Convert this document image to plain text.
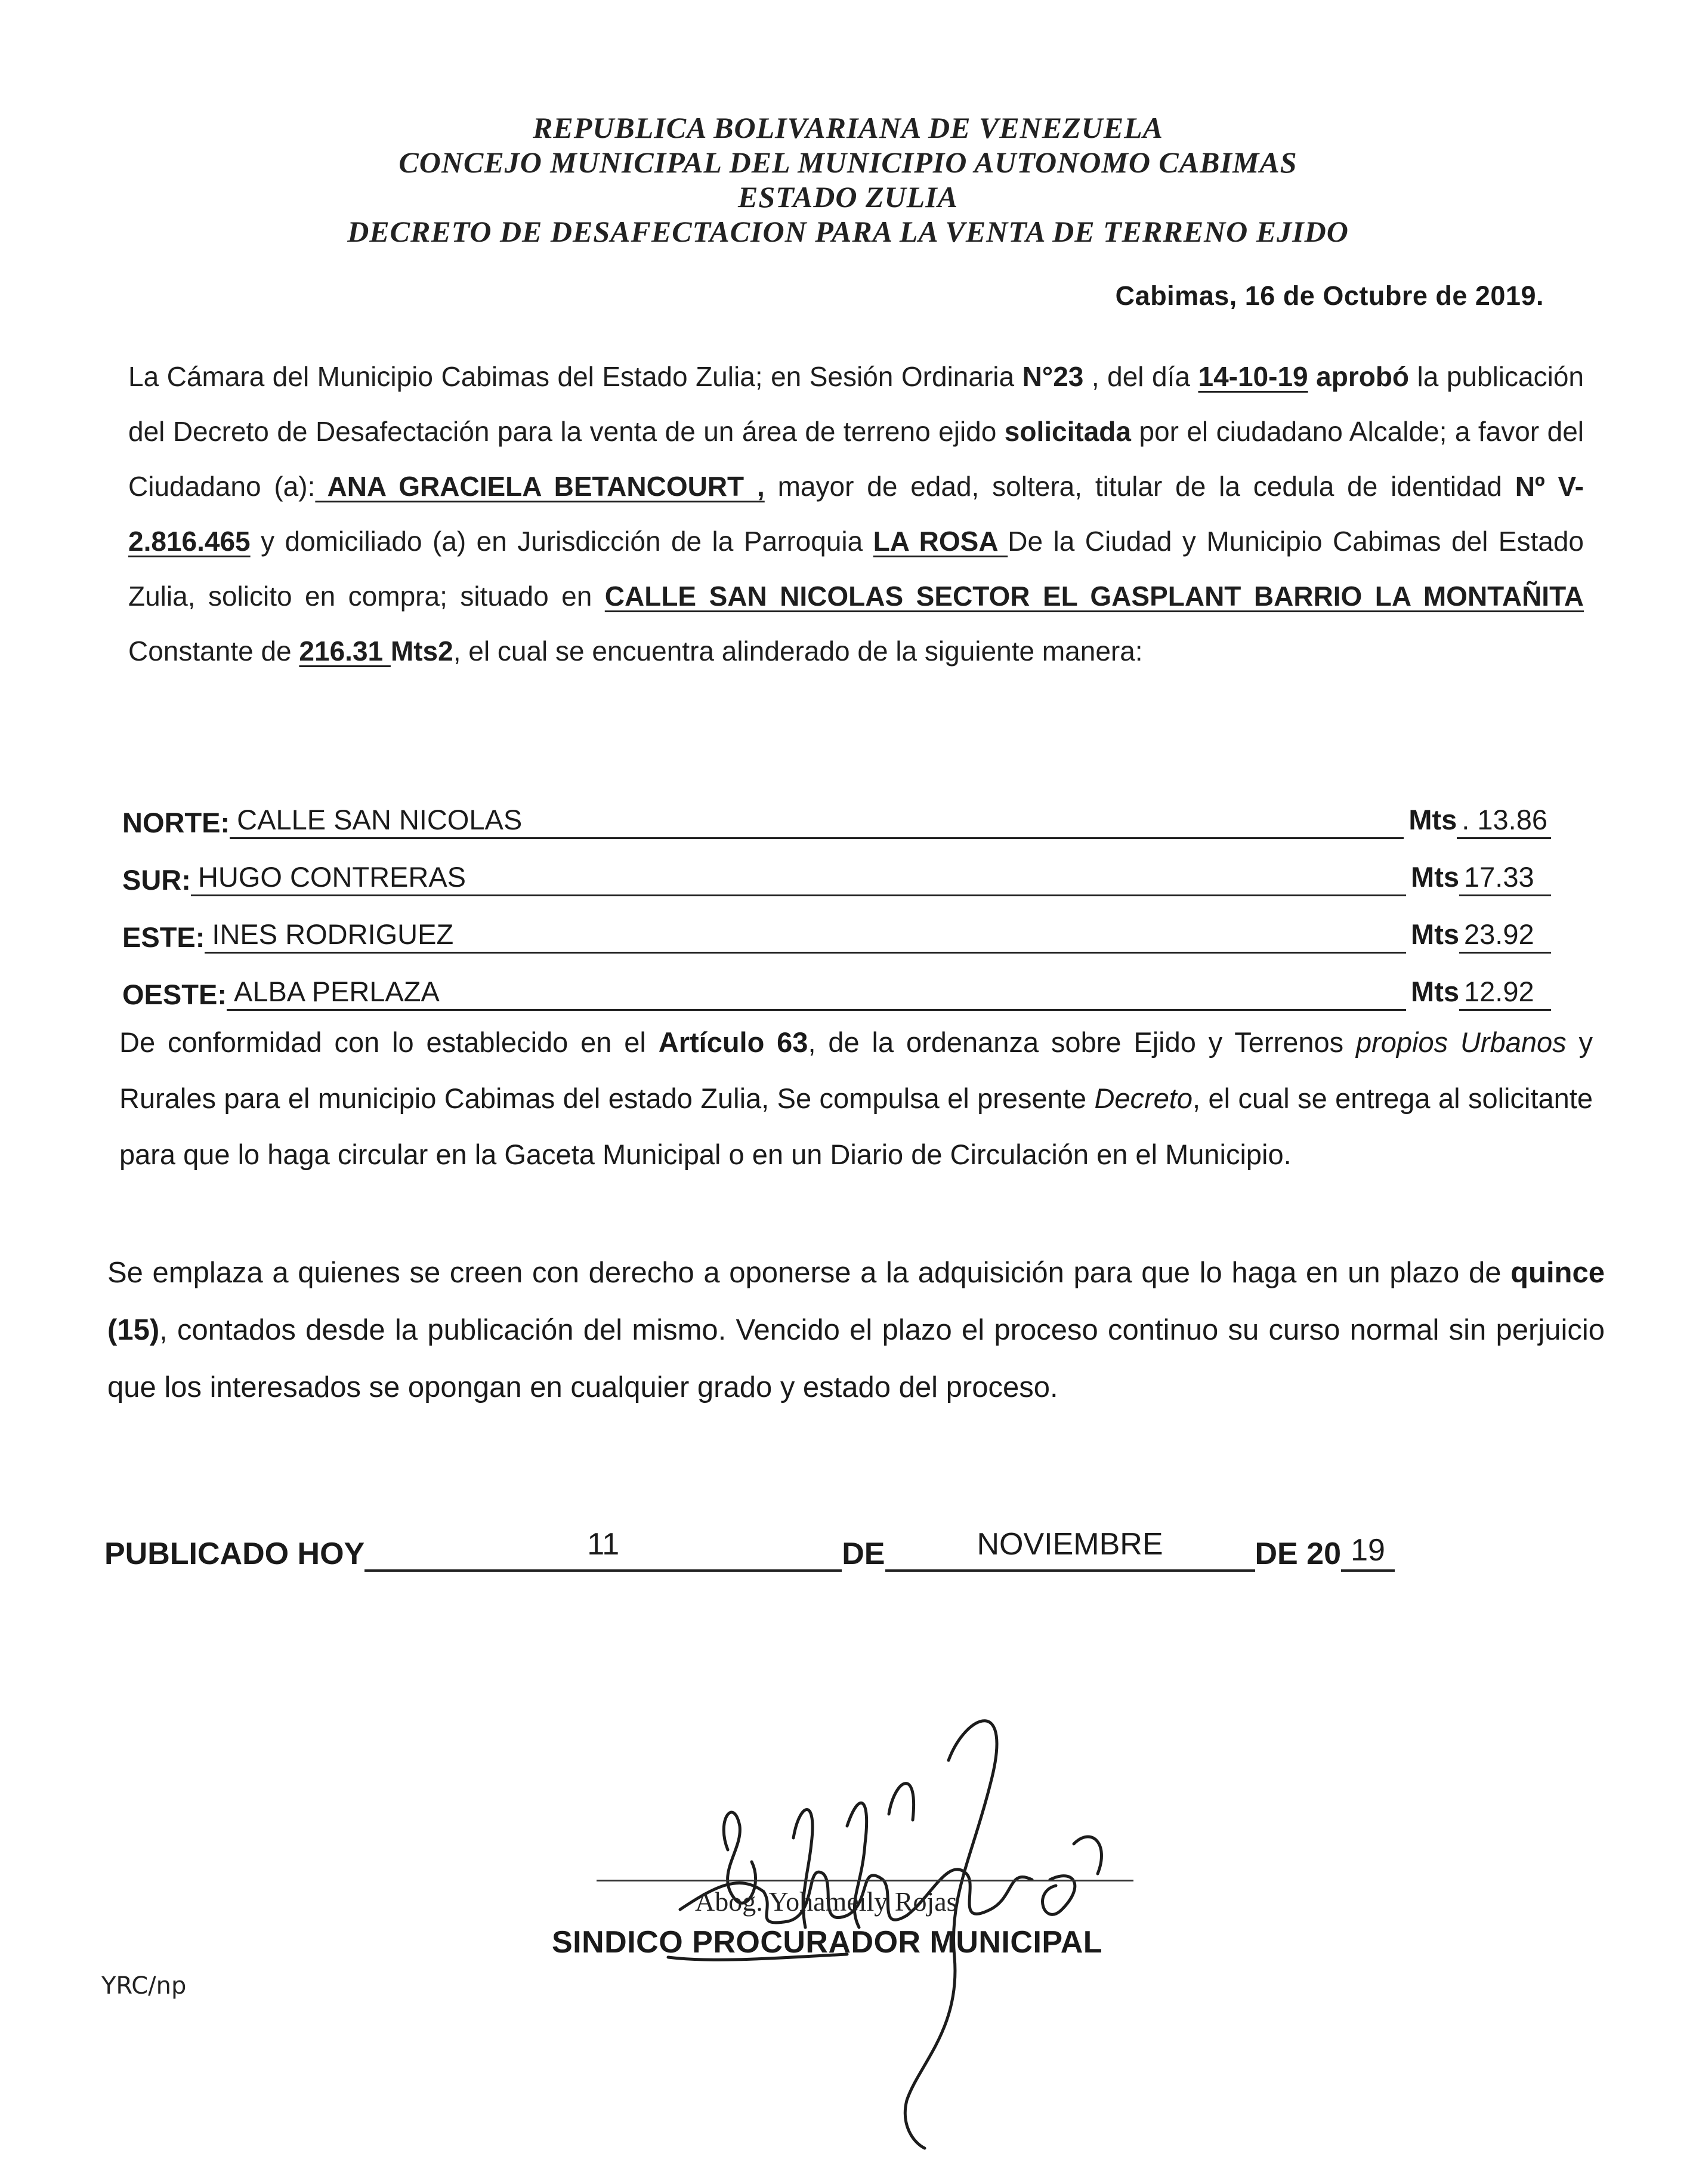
REPUBLICA BOLIVARIANA DE VENEZUELA
CONCEJO MUNICIPAL DEL MUNICIPIO AUTONOMO CABIMAS
ESTADO ZULIA
DECRETO DE DESAFECTACION PARA LA VENTA DE TERRENO EJIDO
Cabimas, 16 de Octubre de 2019.
La Cámara del Municipio Cabimas del Estado Zulia; en Sesión Ordinaria N°23 , del día 14-10-19 aprobó la publicación del Decreto de Desafectación para la venta de un área de terreno ejido solicitada por el ciudadano Alcalde; a favor del Ciudadano (a): ANA GRACIELA BETANCOURT , mayor de edad, soltera, titular de la cedula de identidad Nº V- 2.816.465 y domiciliado (a) en Jurisdicción de la Parroquia LA ROSA De la Ciudad y Municipio Cabimas del Estado Zulia, solicito en compra; situado en CALLE SAN NICOLAS SECTOR EL GASPLANT BARRIO LA MONTAÑITA Constante de 216.31 Mts2, el cual se encuentra alinderado de la siguiente manera:
NORTE: CALLE SAN NICOLAS	Mts . 13.86
SUR: HUGO CONTRERAS	Mts 17.33
ESTE: INES RODRIGUEZ	Mts 23.92
OESTE: ALBA PERLAZA	Mts 12.92
De conformidad con lo establecido en el Artículo 63, de la ordenanza sobre Ejido y Terrenos propios Urbanos y Rurales para el municipio Cabimas del estado Zulia, Se compulsa el presente Decreto, el cual se entrega al solicitante para que lo haga circular en la Gaceta Municipal o en un Diario de Circulación en el Municipio.
Se emplaza a quienes se creen con derecho a oponerse a la adquisición para que lo haga en un plazo de quince (15), contados desde la publicación del mismo. Vencido el plazo el proceso continuo su curso normal sin perjuicio que los interesados se opongan en cualquier grado y estado del proceso.
PUBLICADO HOY	11	DE	NOVIEMBRE	DE 20 19
Abog. Yohameily Rojas
SINDICO PROCURADOR MUNICIPAL
YRC/np
